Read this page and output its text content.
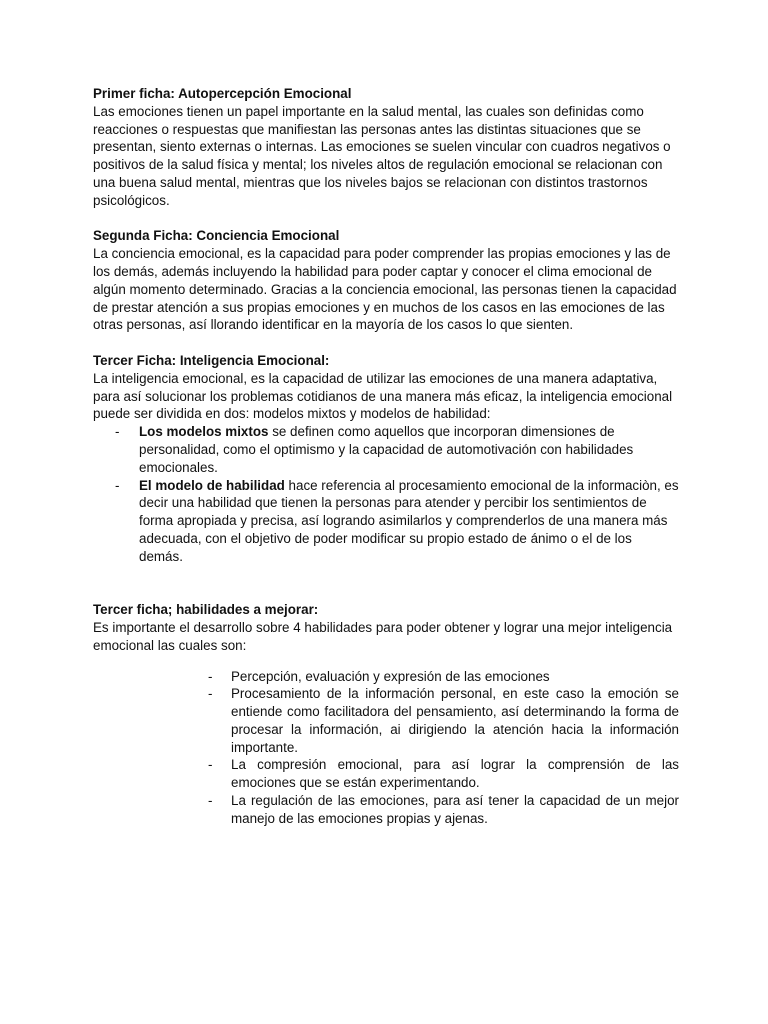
Primer ficha: Autopercepción Emocional
Las emociones tienen un papel importante en la salud mental, las cuales son definidas como reacciones o respuestas que manifiestan las personas antes las distintas situaciones que se presentan, siento externas o internas. Las emociones se suelen vincular con cuadros negativos o positivos de la salud física y mental; los niveles altos de regulación emocional se relacionan con una buena salud mental, mientras que los niveles bajos se relacionan con distintos trastornos psicológicos.
Segunda Ficha: Conciencia Emocional
La conciencia emocional, es la capacidad para poder comprender las propias emociones y las de los demás, además incluyendo la habilidad para poder captar y conocer el clima emocional de algún momento determinado. Gracias a la conciencia emocional, las personas tienen la capacidad de prestar atención a sus propias emociones y en muchos de los casos en las emociones de las otras personas, así llorando identificar en la mayoría de los casos lo que sienten.
Tercer Ficha: Inteligencia Emocional:
La inteligencia emocional, es la capacidad de utilizar las emociones de una manera adaptativa, para así solucionar los problemas cotidianos de una manera más eficaz, la inteligencia emocional puede ser dividida en dos: modelos mixtos y modelos de habilidad:
- Los modelos mixtos se definen como aquellos que incorporan dimensiones de personalidad, como el optimismo y la capacidad de automotivación con habilidades emocionales.
- El modelo de habilidad hace referencia al procesamiento emocional de la informaciòn, es decir una habilidad que tienen la personas para atender y percibir los sentimientos de forma apropiada y precisa, así logrando asimilarlos y comprenderlos de una manera más adecuada, con el objetivo de poder modificar su propio estado de ánimo o el de los demás.
Tercer ficha; habilidades a mejorar:
Es importante el desarrollo sobre 4 habilidades para poder obtener y lograr una mejor inteligencia emocional las cuales son:
- Percepción, evaluación y expresión de las emociones
- Procesamiento de la información personal, en este caso la emoción se entiende como facilitadora del pensamiento, así determinando la forma de procesar la información, ai dirigiendo la atención hacia la información importante.
- La compresión emocional, para así lograr la comprensión de las emociones que se están experimentando.
- La regulación de las emociones, para así tener la capacidad de un mejor manejo de las emociones propias y ajenas.
